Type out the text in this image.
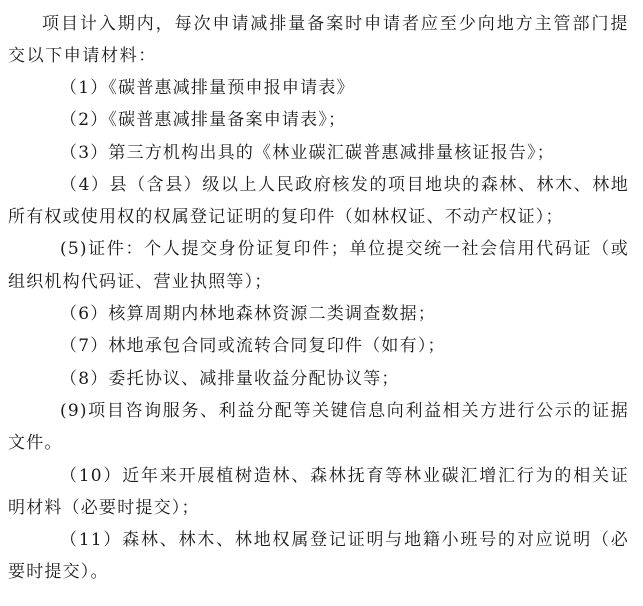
项目计入期内，每次申请减排量备案时申请者应至少向地方主管部门提交以下申请材料：

（1）《碳普惠减排量预申报申请表》

（2）《碳普惠减排量备案申请表》；

（3）第三方机构出具的《林业碳汇碳普惠减排量核证报告》；

（4）县（含县）级以上人民政府核发的项目地块的森林、林木、林地所有权或使用权的权属登记证明的复印件（如林权证、不动产权证）；

(5)证件：个人提交身份证复印件；单位提交统一社会信用代码证（或组织机构代码证、营业执照等）；

（6）核算周期内林地森林资源二类调查数据；

（7）林地承包合同或流转合同复印件（如有）；

（8）委托协议、减排量收益分配协议等；

(9)项目咨询服务、利益分配等关键信息向利益相关方进行公示的证据文件。

（10）近年来开展植树造林、森林抚育等林业碳汇增汇行为的相关证明材料（必要时提交）；

（11）森林、林木、林地权属登记证明与地籍小班号的对应说明（必要时提交）。
